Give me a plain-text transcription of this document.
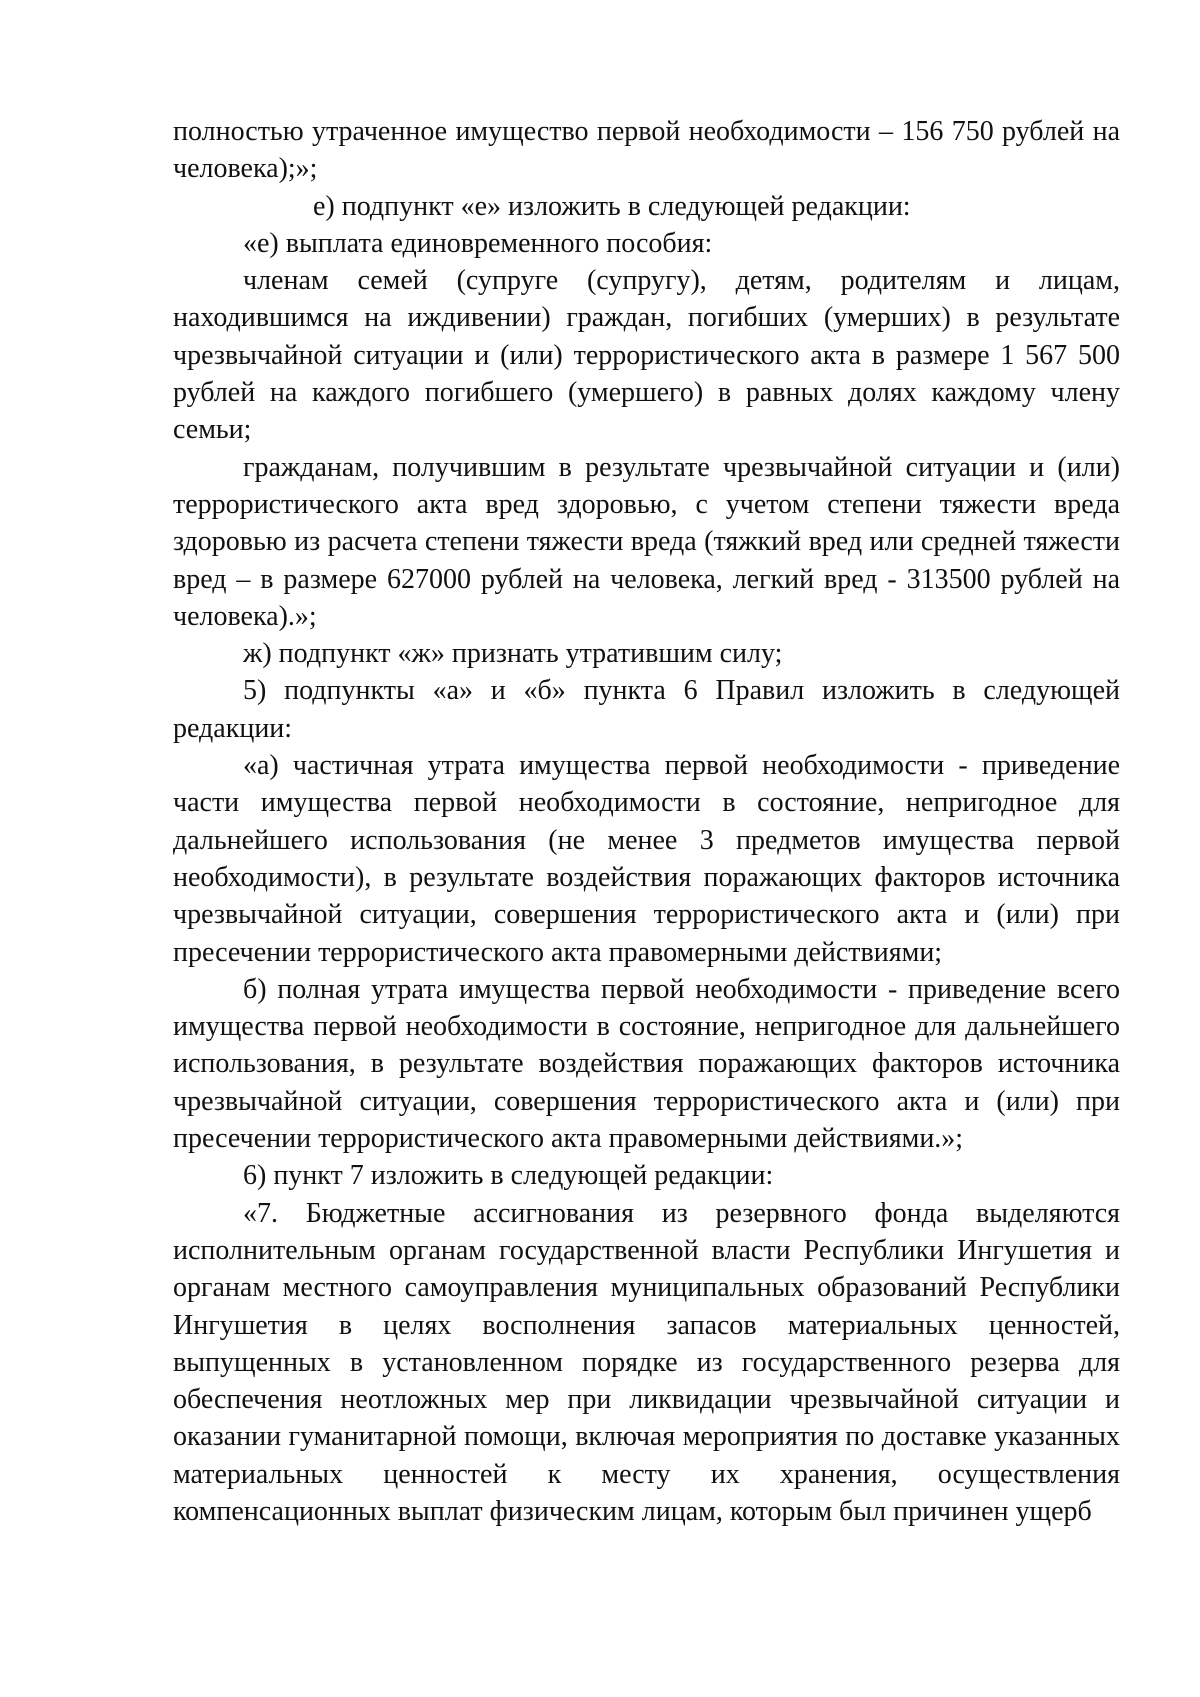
полностью утраченное имущество первой необходимости – 156 750 рублей на человека);»;

е) подпункт «е» изложить в следующей редакции:

«е) выплата единовременного пособия:

членам семей (супруге (супругу), детям, родителям и лицам, находившимся на иждивении) граждан, погибших (умерших) в результате чрезвычайной ситуации и (или) террористического акта в размере 1 567 500 рублей на каждого погибшего (умершего) в равных долях каждому члену семьи;

гражданам, получившим в результате чрезвычайной ситуации и (или) террористического акта вред здоровью, с учетом степени тяжести вреда здоровью из расчета степени тяжести вреда (тяжкий вред или средней тяжести вред – в размере 627000 рублей на человека, легкий вред - 313500 рублей на человека).»;

ж) подпункт «ж» признать утратившим силу;

5) подпункты «а» и «б» пункта 6 Правил изложить в следующей редакции:

«а) частичная утрата имущества первой необходимости - приведение части имущества первой необходимости в состояние, непригодное для дальнейшего использования (не менее 3 предметов имущества первой необходимости), в результате воздействия поражающих факторов источника чрезвычайной ситуации, совершения террористического акта и (или) при пресечении террористического акта правомерными действиями;

б) полная утрата имущества первой необходимости - приведение всего имущества первой необходимости в состояние, непригодное для дальнейшего использования, в результате воздействия поражающих факторов источника чрезвычайной ситуации, совершения террористического акта и (или) при пресечении террористического акта правомерными действиями.»;

6) пункт 7 изложить в следующей редакции:

«7. Бюджетные ассигнования из резервного фонда выделяются исполнительным органам государственной власти Республики Ингушетия и органам местного самоуправления муниципальных образований Республики Ингушетия в целях восполнения запасов материальных ценностей, выпущенных в установленном порядке из государственного резерва для обеспечения неотложных мер при ликвидации чрезвычайной ситуации и оказании гуманитарной помощи, включая мероприятия по доставке указанных материальных ценностей к месту их хранения, осуществления компенсационных выплат физическим лицам, которым был причинен ущерб
